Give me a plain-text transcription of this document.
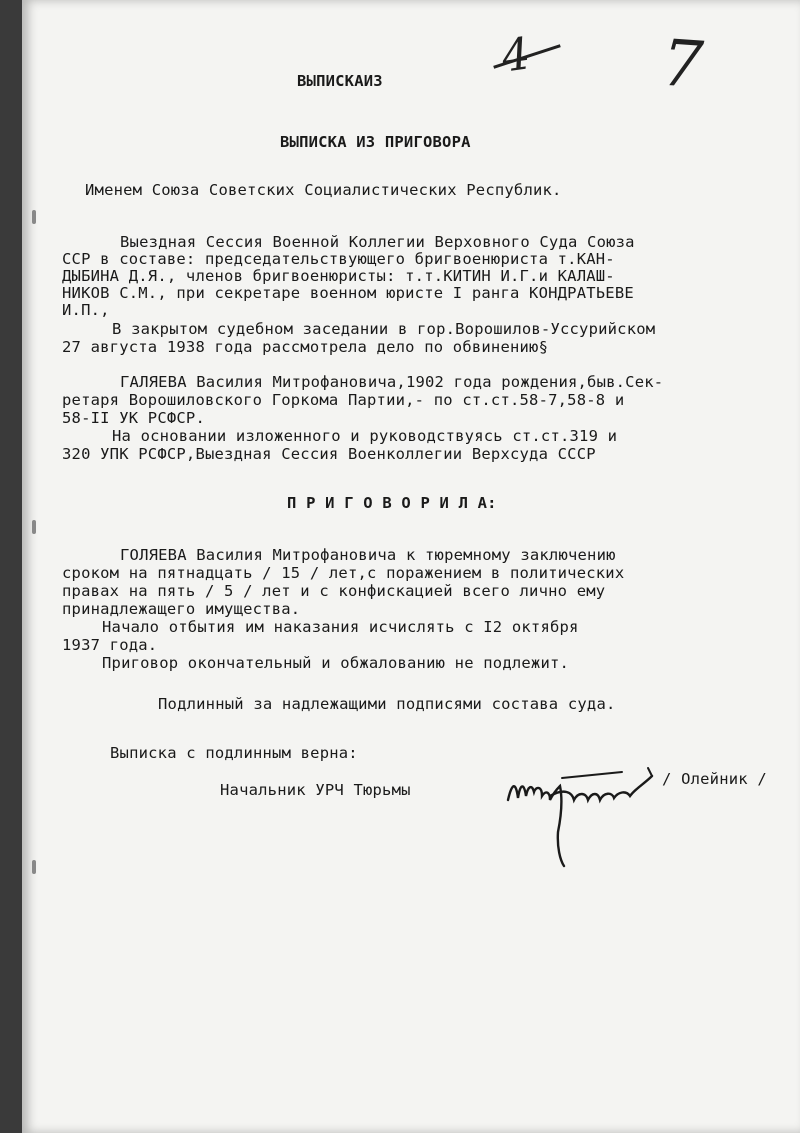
4 7
ВЫПИСКАИЗ
ВЫПИСКА ИЗ ПРИГОВОРА
Именем Союза Советских Социалистических Республик.
Выездная Сессия Военной Коллегии Верховного Суда Союза
ССР в составе: председательствующего бригвоенюриста т.КАН-
ДЫБИНА Д.Я., членов бригвоенюристы: т.т.КИТИН И.Г.и КАЛАШ-
НИКОВ С.М., при секретаре военном юристе I ранга КОНДРАТЬЕВЕ
И.П.,
В закрытом судебном заседании в гор.Ворошилов-Уссурийском
27 августа 1938 года рассмотрела дело по обвинению§
ГАЛЯЕВА Василия Митрофановича,1902 года рождения,быв.Сек-
ретаря Ворошиловского Горкома Партии,- по ст.ст.58-7,58-8 и
58-II УК РСФСР.
На основании изложенного и руководствуясь ст.ст.319 и
320 УПК РСФСР,Выездная Сессия Военколлегии Верхсуда СССР
П Р И Г О В О Р И Л А:
ГОЛЯЕВА Василия Митрофановича к тюремному заключению
сроком на пятнадцать / 15 / лет,с поражением в политических
правах на пять / 5 / лет и с конфискацией всего лично ему
принадлежащего имущества.
Начало отбытия им наказания исчислять с I2 октября
1937 года.
Приговор окончательный и обжалованию не подлежит.
Подлинный за надлежащими подписями состава суда.
Выписка с подлинным верна:
Начальник УРЧ Тюрьмы
/ Олейник /
